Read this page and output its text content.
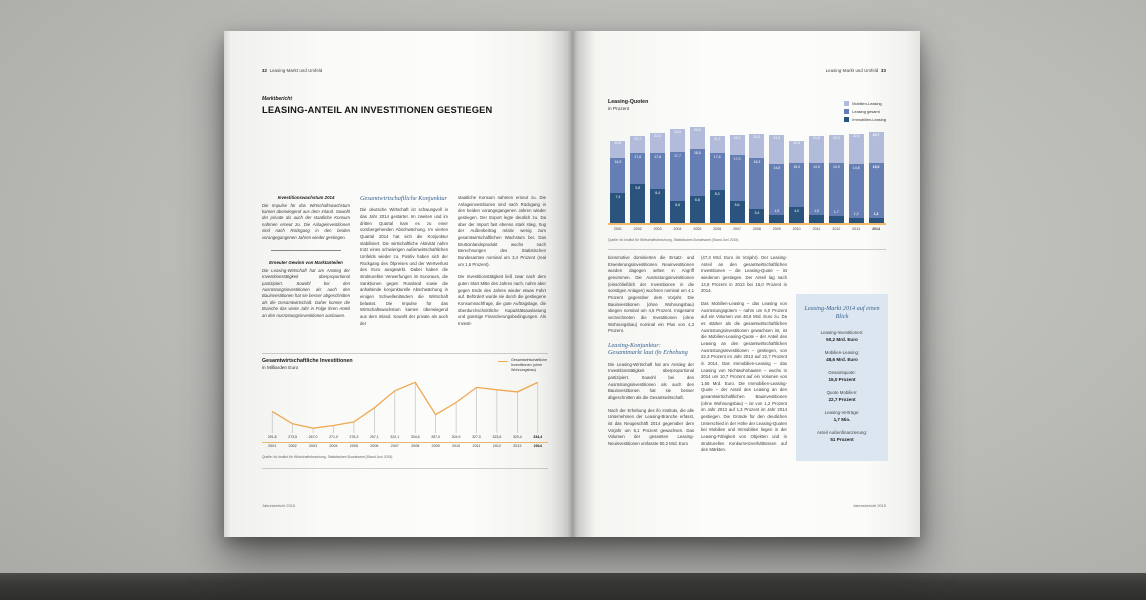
32 Leasing-Markt und Umfeld
Marktbericht
LEASING-ANTEIL AN INVESTITIONEN GESTIEGEN
Investitionswachstum 2014
Die Impulse für das Wirtschaftswachstum kamen überwiegend aus dem Inland. Sowohl der private als auch der staatliche Konsum nahmen erneut zu. Die Anlageinvestitionen sind nach Rückgang in den beiden vorangegangenen Jahren wieder gestiegen.
Erneuter Gewinn von Marktanteilen
Die Leasing-Wirtschaft hat am Anstieg der Investitionstätigkeit überproportional partizipiert. Sowohl bei den Ausrüstungsinvestitionen als auch den Bauinvestitionen hat sie besser abgeschnitten als die Gesamtwirtschaft. Daher konnte die Branche das vierte Jahr in Folge ihren Anteil an den Ausrüstungsinvestitionen ausbauen.
Gesamtwirtschaftliche Konjunktur

Die deutsche Wirtschaft ist schwungvoll in das Jahr 2014 gestartet. Im zweiten und im dritten Quartal kam es zu einer vorübergehenden Abschwächung. Im vierten Quartal 2014 hat sich die Konjunktur stabilisiert. Die wirtschaftliche Aktivität nahm trotz eines schwierigen außenwirtschaftlichen Umfelds wieder zu. Positiv haben sich der Rückgang des Ölpreises und der Wertverlust des Euro ausgewirkt. Dabei haben die strukturellen Verwerfungen im Euroraum, die Sanktionen gegen Russland sowie die anhaltende konjunkturelle Abschwächung in einigen Schwellenländern die Wirtschaft belastet. Die Impulse für das Wirtschaftswachstum kamen überwiegend aus dem Inland. Sowohl der private als auch der

staatliche Konsum nahmen erneut zu. Die Anlageinvestitionen sind nach Rückgang in den beiden vorangegangenen Jahren wieder gestiegen. Der Export legte deutlich zu. Da aber der Import fast ebenso stark stieg, trug der Außenbeitrag relativ wenig zum gesamtwirtschaftlichen Wachstum bei. Das Bruttoinlandsprodukt wuchs nach Berechnungen des Statistischen Bundesamtes nominal um 3,4 Prozent (real um 1,6 Prozent).

Die Investitionstätigkeit ließ zwar nach dem guten Start Mitte des Jahres nach, nahm aber gegen Ende des Jahres wieder etwas Fahrt auf. Befördert wurde sie durch die gestiegene Konsumnachfrage, die gute Auftragslage, die überdurchschnittliche Kapazitätsauslastung und günstige Finanzierungsbedingungen. Als Investi-

Gesamtwirtschaftliche Investitionen
in Milliarden Euro
Gesamtwirtschaftliche Investitionen (ohne Wohnungsbau)
291,8	273,5	267,0	271,0	276,3	297,1	322,1	334,6	287,0	304,9	327,0	323,6	320,4	334,4
2001	2002	2003	2004	2005	2006	2007	2008	2009	2010	2011	2012	2013	2014
Quelle: ifo Institut für Wirtschaftsforschung, Statistisches Bundesamt (Stand Juni 2015)
Jahresbericht 2015
Leasing-Markt und Umfeld 33
Leasing-Quoten
in Prozent
Mobilien-Leasing
Leasing gesamt
Immobilien-Leasing
20,6
16,3
7,4
21,7
17,6
9,8
22,4
17,6
8,4
23,5
17,7
5,6
23,9
18,5
6,8
21,7
17,6
8,3
22,0
17,0
5,6
22,2
16,3
3,4
21,9
14,8
1,9
20,6
15,0
4,0
21,8
14,9
1,9
22,0
14,9
1,7
22,3
14,8
1,2
22,7
15,0
1,3
2001	2002	2003	2004	2005	2006	2007	2008	2009	2010	2011	2012	2013	2014
Quelle: ifo Institut für Wirtschaftsforschung, Statistisches Bundesamt (Stand Juni 2015)

tionsmotive dominierten die Ersatz- und Erweiterungsinvestitionen. Neuinvestitionen wurden dagegen selten in Angriff genommen. Die Ausrüstungsinvestitionen (einschließlich der Investitionen in die sonstigen Anlagen) wuchsen nominal um 4,1 Prozent gegenüber dem Vorjahr. Die Bauinvestitionen (ohne Wohnungsbau) stiegen nominal um 4,6 Prozent. Insgesamt verzeichneten die Investitionen (ohne Wohnungsbau) nominal ein Plus von 4,3 Prozent.

Leasing-Konjunktur: Gesamtmarkt laut ifo Erhebung

Die Leasing-Wirtschaft hat am Anstieg der Investitionstätigkeit überproportional partizipiert. Sowohl bei den Ausrüstungsinvestitionen als auch den Bauinvestitionen hat sie besser abgeschnitten als die Gesamtwirtschaft.

Nach der Erhebung des ifo Instituts, die alle Unternehmen der Leasing-Branche erfasst, ist das Neugeschäft 2014 gegenüber dem Vorjahr um 6,1 Prozent gewachsen. Das Volumen der gesamten Leasing-Neuinvestitionen umfasste 50,2 Mrd. Euro

(47,3 Mrd. Euro im Vorjahr). Der Leasing-Anteil an den gesamtwirtschaftlichen Investitionen – die Leasing-Quote – ist wiederum gestiegen. Der Anteil lag nach 14,8 Prozent in 2013 bei 15,0 Prozent in 2014.

Das Mobilien-Leasing – das Leasing von Ausrüstungsgütern – nahm um 6,0 Prozent auf ein Volumen von 48,6 Mrd. Euro zu. Da es stärker als die gesamtwirtschaftlichen Ausrüstungsinvestitionen gewachsen ist, ist die Mobilien-Leasing-Quote – der Anteil des Leasing an den gesamtwirtschaftlichen Ausrüstungsinvestitionen – gestiegen, von 22,3 Prozent im Jahr 2013 auf 22,7 Prozent in 2014. Das Immobilien-Leasing – das Leasing von Nichtwohnbauten – wuchs in 2014 um 10,7 Prozent auf ein Volumen von 1,55 Mrd. Euro. Die Immobilien-Leasing-Quote – der Anteil des Leasing an den gesamtwirtschaftlichen Bauinvestitionen (ohne Wohnungsbau) – ist von 1,2 Prozent im Jahr 2013 auf 1,3 Prozent im Jahr 2014 gestiegen. Die Gründe für den deutlichen Unterschied in der Höhe der Leasing-Quoten bei Mobilien und Immobilien liegen in der Leasing-Fähigkeit von Objekten und in strukturellen Konkurrenzverhältnissen auf den Märkten.

Leasing-Markt 2014 auf einen Blick
Leasing-Investitionen:
50,2 Mrd. Euro
Mobilien-Leasing:
48,6 Mrd. Euro
Gesamtquote:
15,0 Prozent
Quote Mobilien:
22,7 Prozent
Leasing-Verträge:
1,7 Mio.
Anteil Außenfinanzierung:
51 Prozent
Jahresbericht 2015
